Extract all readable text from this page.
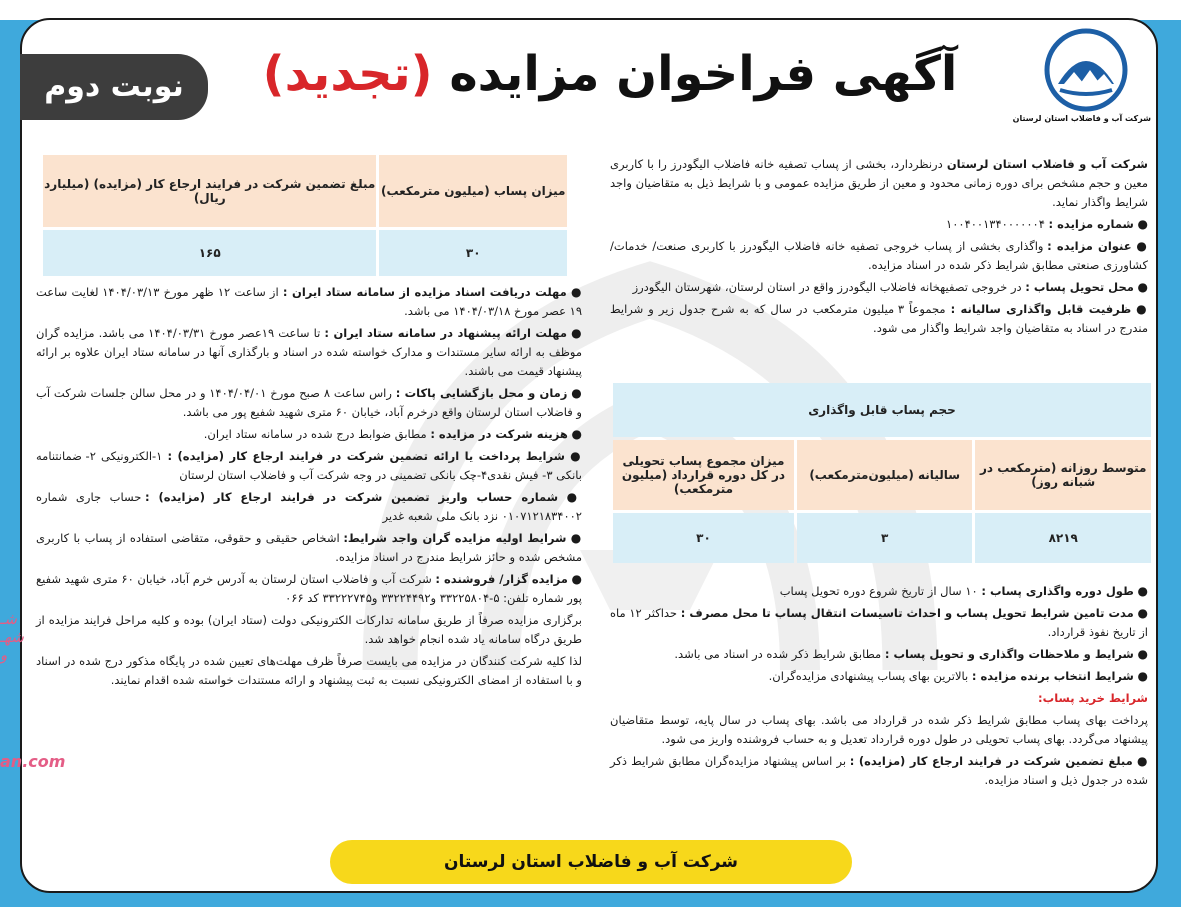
شرکت آب و فاضلاب استان لرستان
آگهی فراخوان مزایده (تجدید)
نوبت دوم

شرکت آب و فاضلاب استان لرستان درنظردارد، بخشی از پساب تصفیه خانه فاضلاب الیگودرز را با کاربری معین و حجم مشخص برای دوره زمانی محدود و معین از طریق مزایده عمومی و با شرایط ذیل به متقاضیان واجد شرایط واگذار نماید.

● شماره مزایده : ۱۰۰۴۰۰۱۳۴۰۰۰۰۰۰۴

● عنوان مزایده : واگذاری بخشی از پساب خروجی تصفیه خانه فاضلاب الیگودرز با کاربری صنعت/ خدمات/ کشاورزی صنعتی مطابق شرایط ذکر شده در اسناد مزایده.

● محل تحویل پساب : در خروجی تصفیهخانه فاضلاب الیگودرز واقع در استان لرستان، شهرستان الیگودرز

● ظرفیت قابل واگذاری سالیانه : مجموعاً ۳ میلیون مترمکعب در سال که به شرح جدول زیر و شرایط مندرج در اسناد به متقاضیان واجد شرایط واگذار می شود.

حجم پساب قابل واگذاری		
متوسط روزانه (مترمکعب در شبانه روز)	سالیانه (میلیون‌مترمکعب)	میزان مجموع پساب تحویلی در کل دوره قرارداد (میلیون مترمکعب)
۸۲۱۹	۳	۳۰

● طول دوره واگذاری پساب : ۱۰ سال از تاریخ شروع دوره تحویل پساب

● مدت تامین شرایط تحویل پساب و احداث تاسیسات انتقال پساب تا محل مصرف : حداکثر ۱۲ ماه از تاریخ نفوذ قرارداد.

● شرایط و ملاحظات واگذاری و تحویل پساب : مطابق شرایط ذکر شده در اسناد می باشد.

● شرایط انتخاب برنده مزایده : بالاترین بهای پساب پیشنهادی مزایده‌گران.

شرایط خرید پساب:

پرداخت بهای پساب مطابق شرایط ذکر شده در قرارداد می باشد. بهای پساب در سال پایه، توسط متقاضیان پیشنهاد می‌گردد. بهای پساب تحویلی در طول دوره قرارداد تعدیل و به حساب فروشنده واریز می شود.

● مبلغ تضمین شرکت در فرایند ارجاع کار (مزایده) : بر اساس پیشنهاد مزایده‌گران مطابق شرایط ذکر شده در جدول ذیل و اسناد مزایده.

میزان پساب (میلیون مترمکعب)	مبلغ تضمین شرکت در فرایند ارجاع کار (مزایده) (میلیارد ریال)
۳۰	۱۶۵

● مهلت دریافت اسناد مزایده از سامانه ستاد ایران : از ساعت ۱۲ ظهر مورخ ۱۴۰۴/۰۳/۱۳ لغایت ساعت ۱۹ عصر مورخ ۱۴۰۴/۰۳/۱۸ می باشد.

● مهلت ارائه پیشنهاد در سامانه ستاد ایران : تا ساعت ۱۹عصر مورخ ۱۴۰۴/۰۳/۳۱ می باشد. مزایده گران موظف به ارائه سایر مستندات و مدارک خواسته شده در اسناد و بارگذاری آنها در سامانه ستاد ایران علاوه بر ارائه پیشنهاد قیمت می باشند.

● زمان و محل بازگشایی پاکات : راس ساعت ۸ صبح مورخ ۱۴۰۴/۰۴/۰۱ و در محل سالن جلسات شرکت آب و فاضلاب استان لرستان واقع درخرم آباد، خیابان ۶۰ متری شهید شفیع پور می باشد.

● هزینه شرکت در مزایده : مطابق ضوابط درج شده در سامانه ستاد ایران.

● شرایط پرداخت یا ارائه تضمین شرکت در فرایند ارجاع کار (مزایده) : ۱-الکترونیکی ۲- ضمانتنامه بانکی ۳- فیش نقدی۴-چک بانکی تضمینی در وجه شرکت آب و فاضلاب استان لرستان

● شماره حساب واریز تضمین شرکت در فرایند ارجاع کار (مزایده) : حساب جاری شماره ۰۱۰۷۱۲۱۸۳۴۰۰۲ نزد بانک ملی شعبه غدیر

● شرایط اولیه مزایده گران واجد شرایط: اشخاص حقیقی و حقوقی، متقاضی استفاده از پساب با کاربری مشخص شده و حائز شرایط مندرج در اسناد مزایده.

● مزایده گزار/ فروشنده : شرکت آب و فاضلاب استان لرستان به آدرس خرم آباد، خیابان ۶۰ متری شهید شفیع پور شماره تلفن: ۵-۳۳۲۲۵۸۰۴ و۳۳۲۲۴۴۹۲ و۳۳۲۲۲۷۴۵ کد ۰۶۶

برگزاری مزایده صرفاً از طریق سامانه تدارکات الکترونیکی دولت (ستاد ایران) بوده و کلیه مراحل فرایند مزایده از طریق درگاه سامانه یاد شده انجام خواهد شد.

لذا کلیه شرکت کنندگان در مزایده می بایست صرفاً ظرف مهلت‌های تعیین شده در پایگاه مذکور درج شده در اسناد و با استفاده از امضای الکترونیکی نسبت به ثبت پیشنهاد و ارائه مستندات خواسته شده اقدام نمایند.

شرکت آب و فاضلاب استان لرستان
شـ
شهـ
و
an.com
